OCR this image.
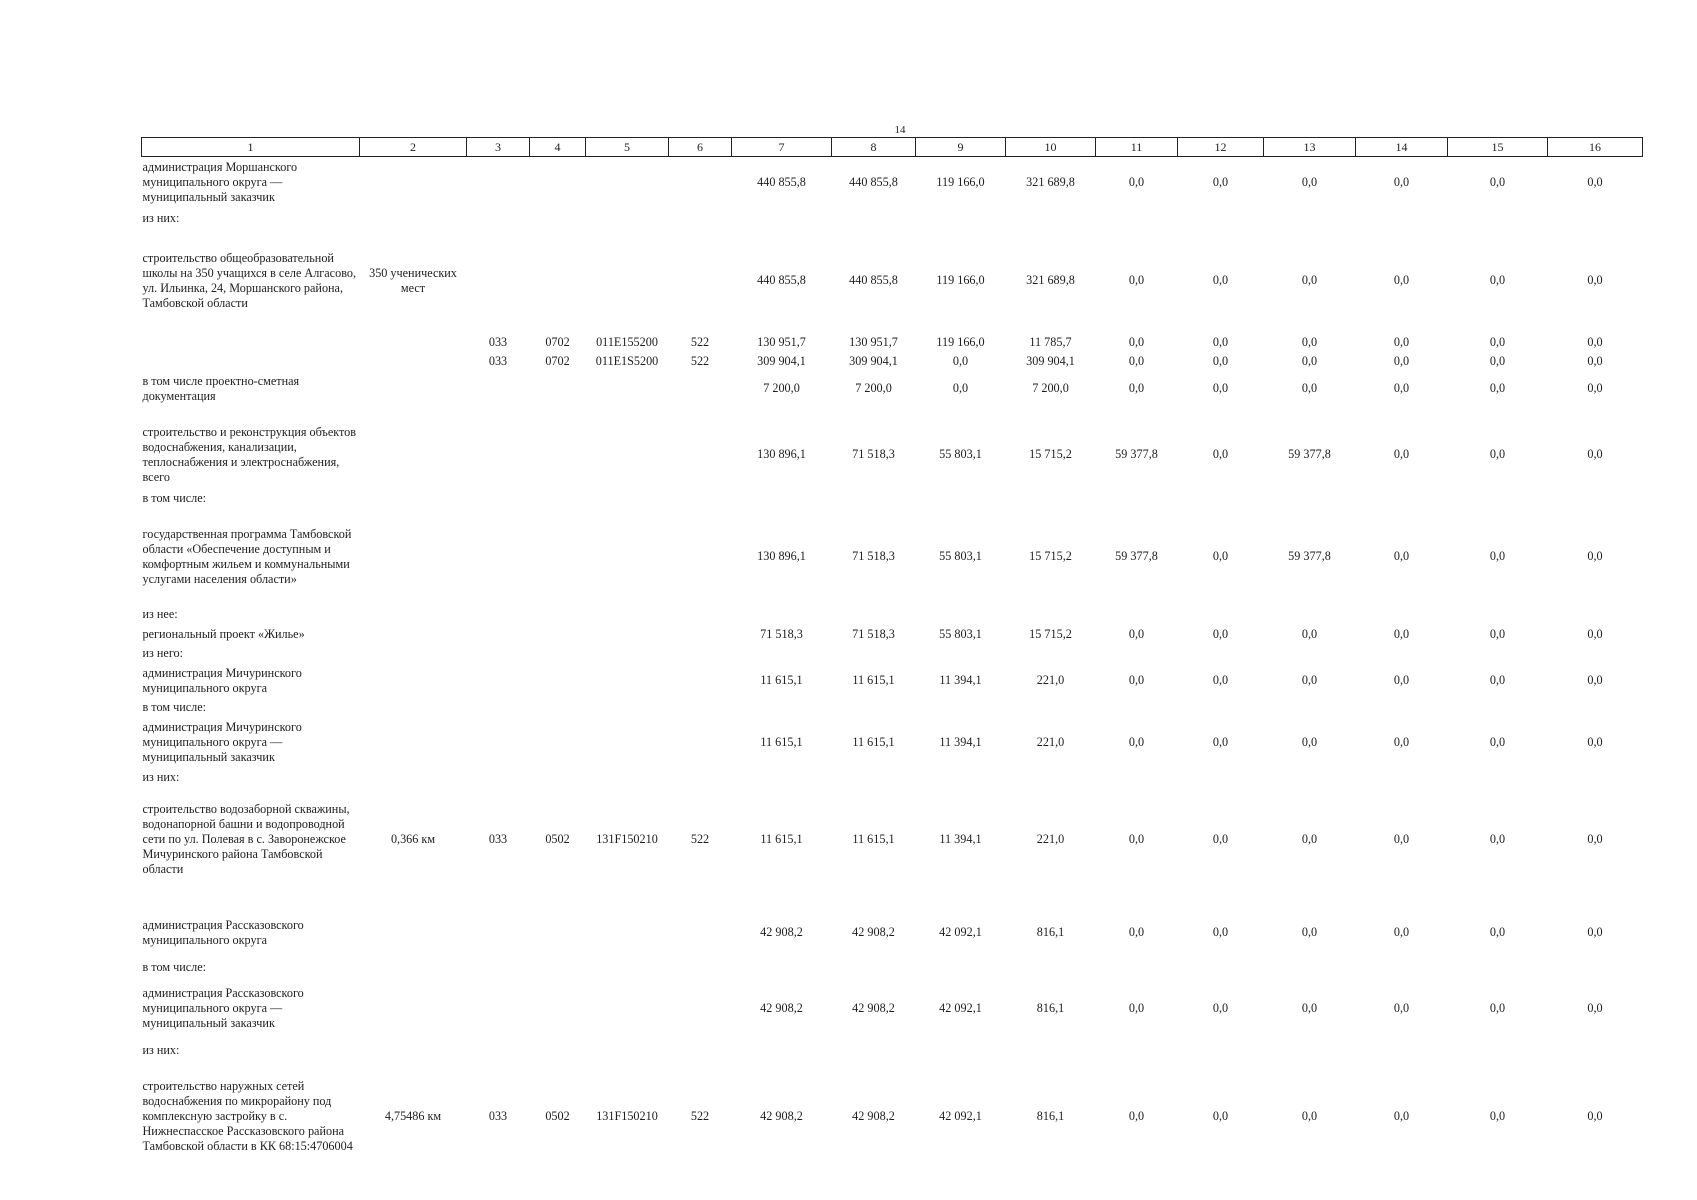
14
1	2	3	4	5	6	7	8	9	10	11	12	13	14	15	16
администрация Моршанского муниципального округа — муниципальный заказчик						440 855,8	440 855,8	119 166,0	321 689,8	0,0	0,0	0,0	0,0	0,0	0,0
из них:															
строительство общеобразовательной школы на 350 учащихся в селе Алгасово, ул. Ильинка, 24, Моршанского района, Тамбовской области	350 ученических мест					440 855,8	440 855,8	119 166,0	321 689,8	0,0	0,0	0,0	0,0	0,0	0,0
		033	0702	011E155200	522	130 951,7	130 951,7	119 166,0	11 785,7	0,0	0,0	0,0	0,0	0,0	0,0
		033	0702	011E1S5200	522	309 904,1	309 904,1	0,0	309 904,1	0,0	0,0	0,0	0,0	0,0	0,0
в том числе проектно-сметная документация						7 200,0	7 200,0	0,0	7 200,0	0,0	0,0	0,0	0,0	0,0	0,0

строительство и реконструкция объектов водоснабжения, канализации, теплоснабжения и электроснабжения, всего						130 896,1	71 518,3	55 803,1	15 715,2	59 377,8	0,0	59 377,8	0,0	0,0	0,0
в том числе:															
государственная программа Тамбовской области «Обеспечение доступным и комфортным жильем и коммунальными услугами населения области»						130 896,1	71 518,3	55 803,1	15 715,2	59 377,8	0,0	59 377,8	0,0	0,0	0,0
из нее:															
региональный проект «Жилье»						71 518,3	71 518,3	55 803,1	15 715,2	0,0	0,0	0,0	0,0	0,0	0,0
из него:															
администрация Мичуринского муниципального округа						11 615,1	11 615,1	11 394,1	221,0	0,0	0,0	0,0	0,0	0,0	0,0
в том числе:															
администрация Мичуринского муниципального округа — муниципальный заказчик						11 615,1	11 615,1	11 394,1	221,0	0,0	0,0	0,0	0,0	0,0	0,0
из них:															
строительство водозаборной скважины, водонапорной башни и водопроводной сети по ул. Полевая в с. Заворонежское Мичуринского района Тамбовской области	0,366 км	033	0502	131F150210	522	11 615,1	11 615,1	11 394,1	221,0	0,0	0,0	0,0	0,0	0,0	0,0

администрация Рассказовского муниципального округа						42 908,2	42 908,2	42 092,1	816,1	0,0	0,0	0,0	0,0	0,0	0,0
в том числе:															
администрация Рассказовского муниципального округа — муниципальный заказчик						42 908,2	42 908,2	42 092,1	816,1	0,0	0,0	0,0	0,0	0,0	0,0
из них:															
строительство наружных сетей водоснабжения по микрорайону под комплексную застройку в с. Нижнеспасское Рассказовского района Тамбовской области в КК 68:15:4706004	4,75486 км	033	0502	131F150210	522	42 908,2	42 908,2	42 092,1	816,1	0,0	0,0	0,0	0,0	0,0	0,0
